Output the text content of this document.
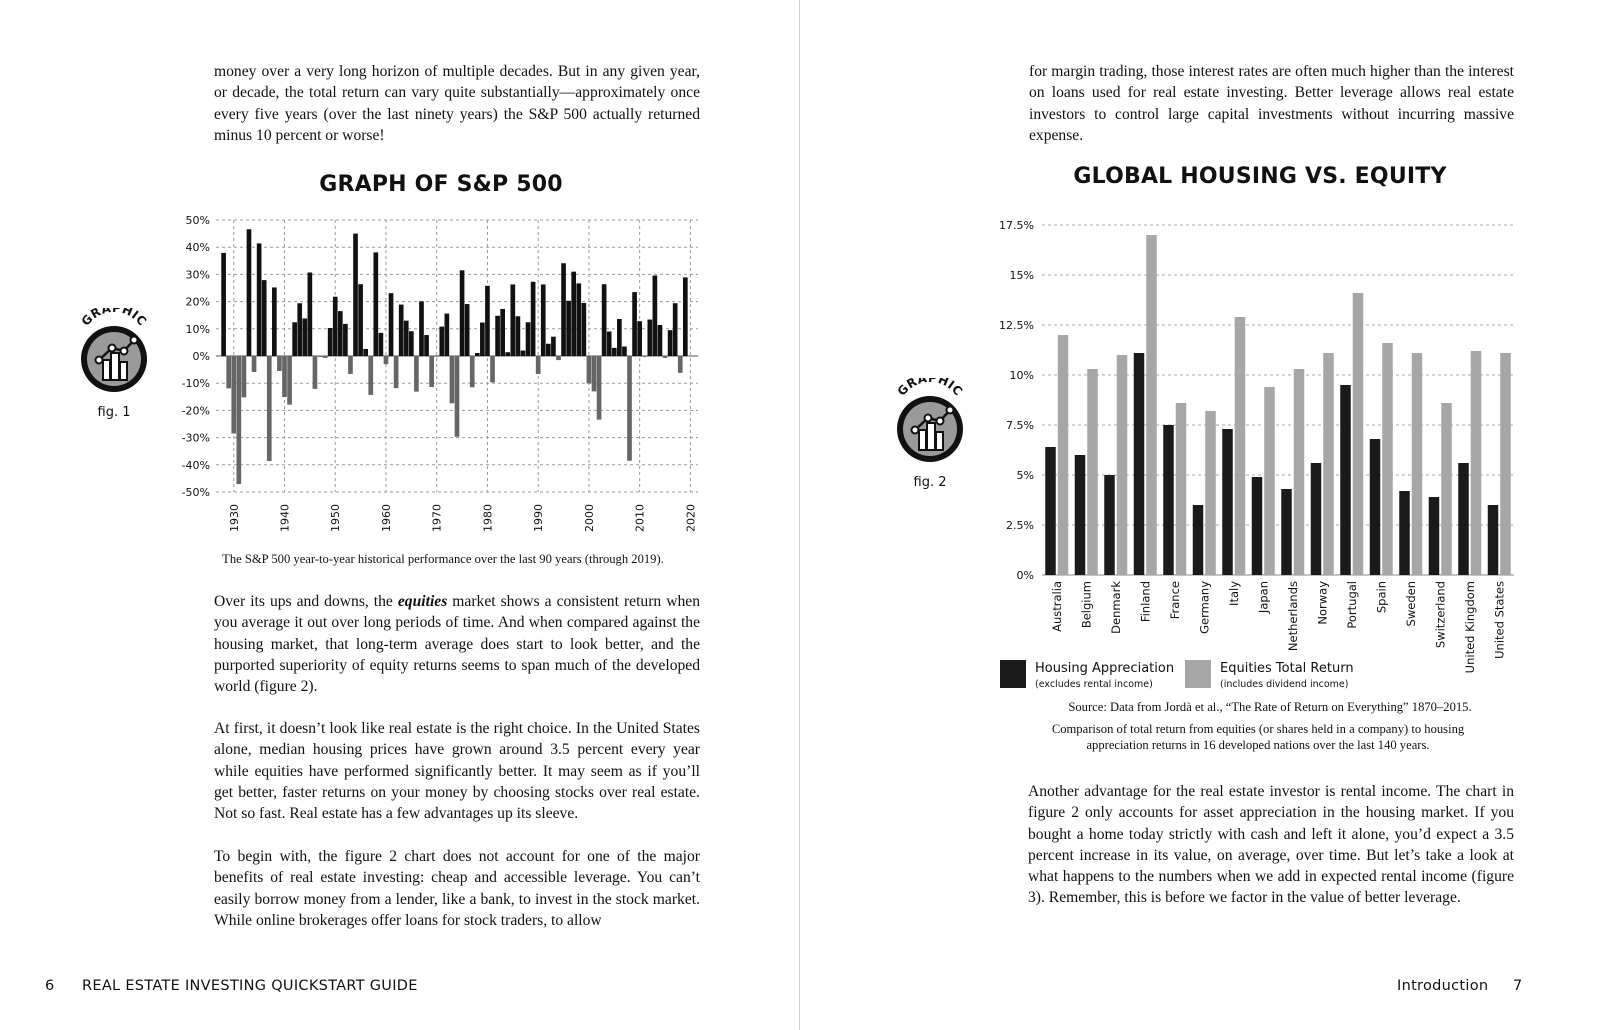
money over a very long horizon of multiple decades. But in any given year, or decade, the total return can vary quite substantially—approximately once every five years (over the last ninety years) the S&P 500 actually returned minus 10 percent or worse!

GRAPH OF S&P 500
50%
40%
30%
20%
10%
0%
-10%
-20%
-30%
-40%
-50%
1930	1940	1950	1960	1970	1980	1990	2000	2010	2020
GRAPHIC
fig. 1

The S&P 500 year-to-year historical performance over the last 90 years (through 2019).

Over its ups and downs, the equities market shows a consistent return when you average it out over long periods of time. And when compared against the housing market, that long-term average does start to look better, and the purported superiority of equity returns seems to span much of the developed world (figure 2).

At first, it doesn’t look like real estate is the right choice. In the United States alone, median housing prices have grown around 3.5 percent every year while equities have performed significantly better. It may seem as if you’ll get better, faster returns on your money by choosing stocks over real estate. Not so fast. Real estate has a few advantages up its sleeve.

To begin with, the figure 2 chart does not account for one of the major benefits of real estate investing: cheap and accessible leverage. You can’t easily borrow money from a lender, like a bank, to invest in the stock market. While online brokerages offer loans for stock traders, to allow

6 REAL ESTATE INVESTING QUICKSTART GUIDE

for margin trading, those interest rates are often much higher than the interest on loans used for real estate investing. Better leverage allows real estate investors to control large capital investments without incurring massive expense.

GLOBAL HOUSING VS. EQUITY
17.5%
15%
12.5%
10%
7.5%
5%
2.5%
0%
Australia Belgium Denmark Finland France Germany Italy Japan Netherlands Norway Portugal Spain Sweden Switzerland United Kingdom United States
Housing Appreciation
(excludes rental income)
Equities Total Return
(includes dividend income)
GRAPHIC
fig. 2

Source: Data from Jordà et al., “The Rate of Return on Everything” 1870–2015.

Comparison of total return from equities (or shares held in a company) to housing appreciation returns in 16 developed nations over the last 140 years.

Another advantage for the real estate investor is rental income. The chart in figure 2 only accounts for asset appreciation in the housing market. If you bought a home today strictly with cash and left it alone, you’d expect a 3.5 percent increase in its value, on average, over time. But let’s take a look at what happens to the numbers when we add in expected rental income (figure 3). Remember, this is before we factor in the value of better leverage.

Introduction 7
